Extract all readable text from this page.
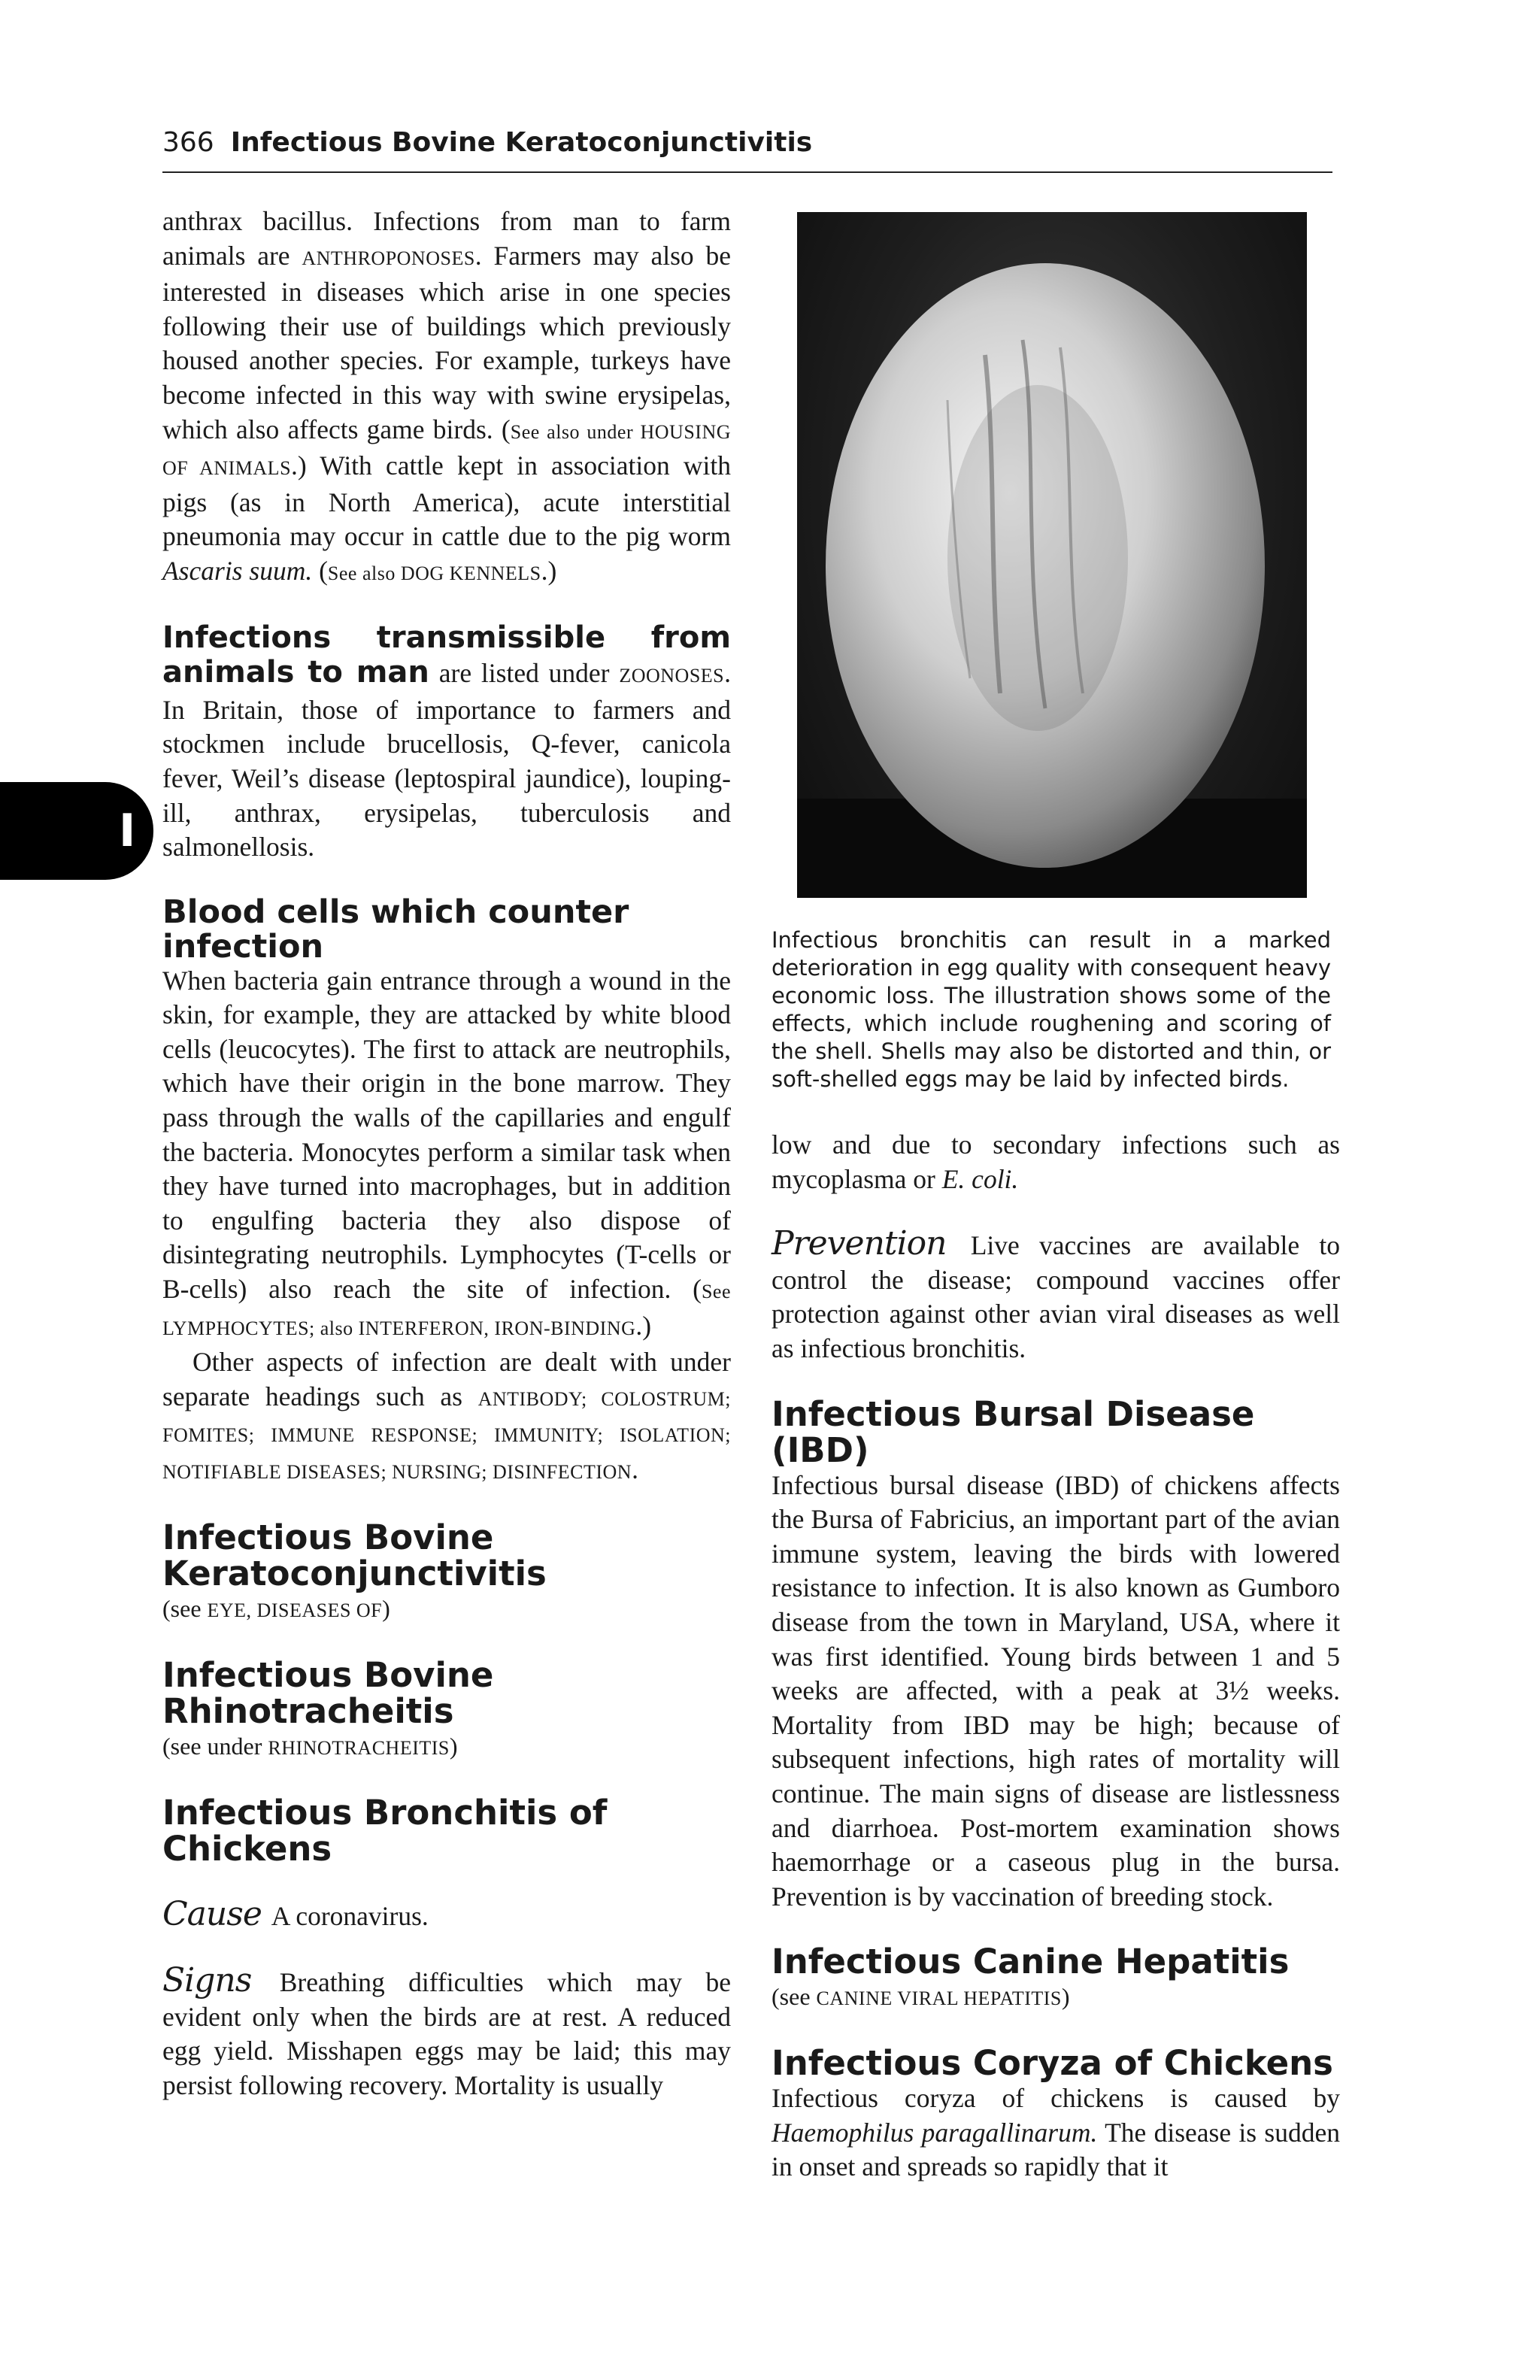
366 Infectious Bovine Keratoconjunctivitis
I

anthrax bacillus. Infections from man to farm animals are ANTHROPONOSES. Farmers may also be interested in diseases which arise in one species following their use of buildings which previously housed another species. For example, turkeys have become infected in this way with swine erysipelas, which also affects game birds. (See also under HOUSING OF ANIMALS.) With cattle kept in association with pigs (as in North America), acute interstitial pneumonia may occur in cattle due to the pig worm Ascaris suum. (See also DOG KENNELS.)

Infections transmissible from animals to man are listed under ZOONOSES. In Britain, those of importance to farmers and stockmen include brucellosis, Q-fever, canicola fever, Weil’s disease (leptospiral jaundice), louping-ill, anthrax, erysipelas, tuberculosis and salmonellosis.

Blood cells which counter infection

When bacteria gain entrance through a wound in the skin, for example, they are attacked by white blood cells (leucocytes). The first to attack are neutrophils, which have their origin in the bone marrow. They pass through the walls of the capillaries and engulf the bacteria. Monocytes perform a similar task when they have turned into macrophages, but in addition to engulfing bacteria they also dispose of disintegrating neutrophils. Lymphocytes (T-cells or B-cells) also reach the site of infection. (See LYMPHOCYTES; also INTERFERON, IRON-BINDING.)

Other aspects of infection are dealt with under separate headings such as ANTIBODY; COLOSTRUM; FOMITES; IMMUNE RESPONSE; IMMUNITY; ISOLATION; NOTIFIABLE DISEASES; NURSING; DISINFECTION.

Infectious Bovine Keratoconjunctivitis

(see EYE, DISEASES OF)

Infectious Bovine Rhinotracheitis

(see under RHINOTRACHEITIS)

Infectious Bronchitis of Chickens

Cause A coronavirus.

Signs Breathing difficulties which may be evident only when the birds are at rest. A reduced egg yield. Misshapen eggs may be laid; this may persist following recovery. Mortality is usually

Infectious bronchitis can result in a marked deterioration in egg quality with consequent heavy economic loss. The illustration shows some of the effects, which include roughening and scoring of the shell. Shells may also be distorted and thin, or soft-shelled eggs may be laid by infected birds.

low and due to secondary infections such as mycoplasma or E. coli.

Prevention Live vaccines are available to control the disease; compound vaccines offer protection against other avian viral diseases as well as infectious bronchitis.

Infectious Bursal Disease (IBD)

Infectious bursal disease (IBD) of chickens affects the Bursa of Fabricius, an important part of the avian immune system, leaving the birds with lowered resistance to infection. It is also known as Gumboro disease from the town in Maryland, USA, where it was first identified. Young birds between 1 and 5 weeks are affected, with a peak at 3½ weeks. Mortality from IBD may be high; because of subsequent infections, high rates of mortality will continue. The main signs of disease are listlessness and diarrhoea. Post-mortem examination shows haemorrhage or a caseous plug in the bursa. Prevention is by vaccination of breeding stock.

Infectious Canine Hepatitis

(see CANINE VIRAL HEPATITIS)

Infectious Coryza of Chickens

Infectious coryza of chickens is caused by Haemophilus paragallinarum. The disease is sudden in onset and spreads so rapidly that it
